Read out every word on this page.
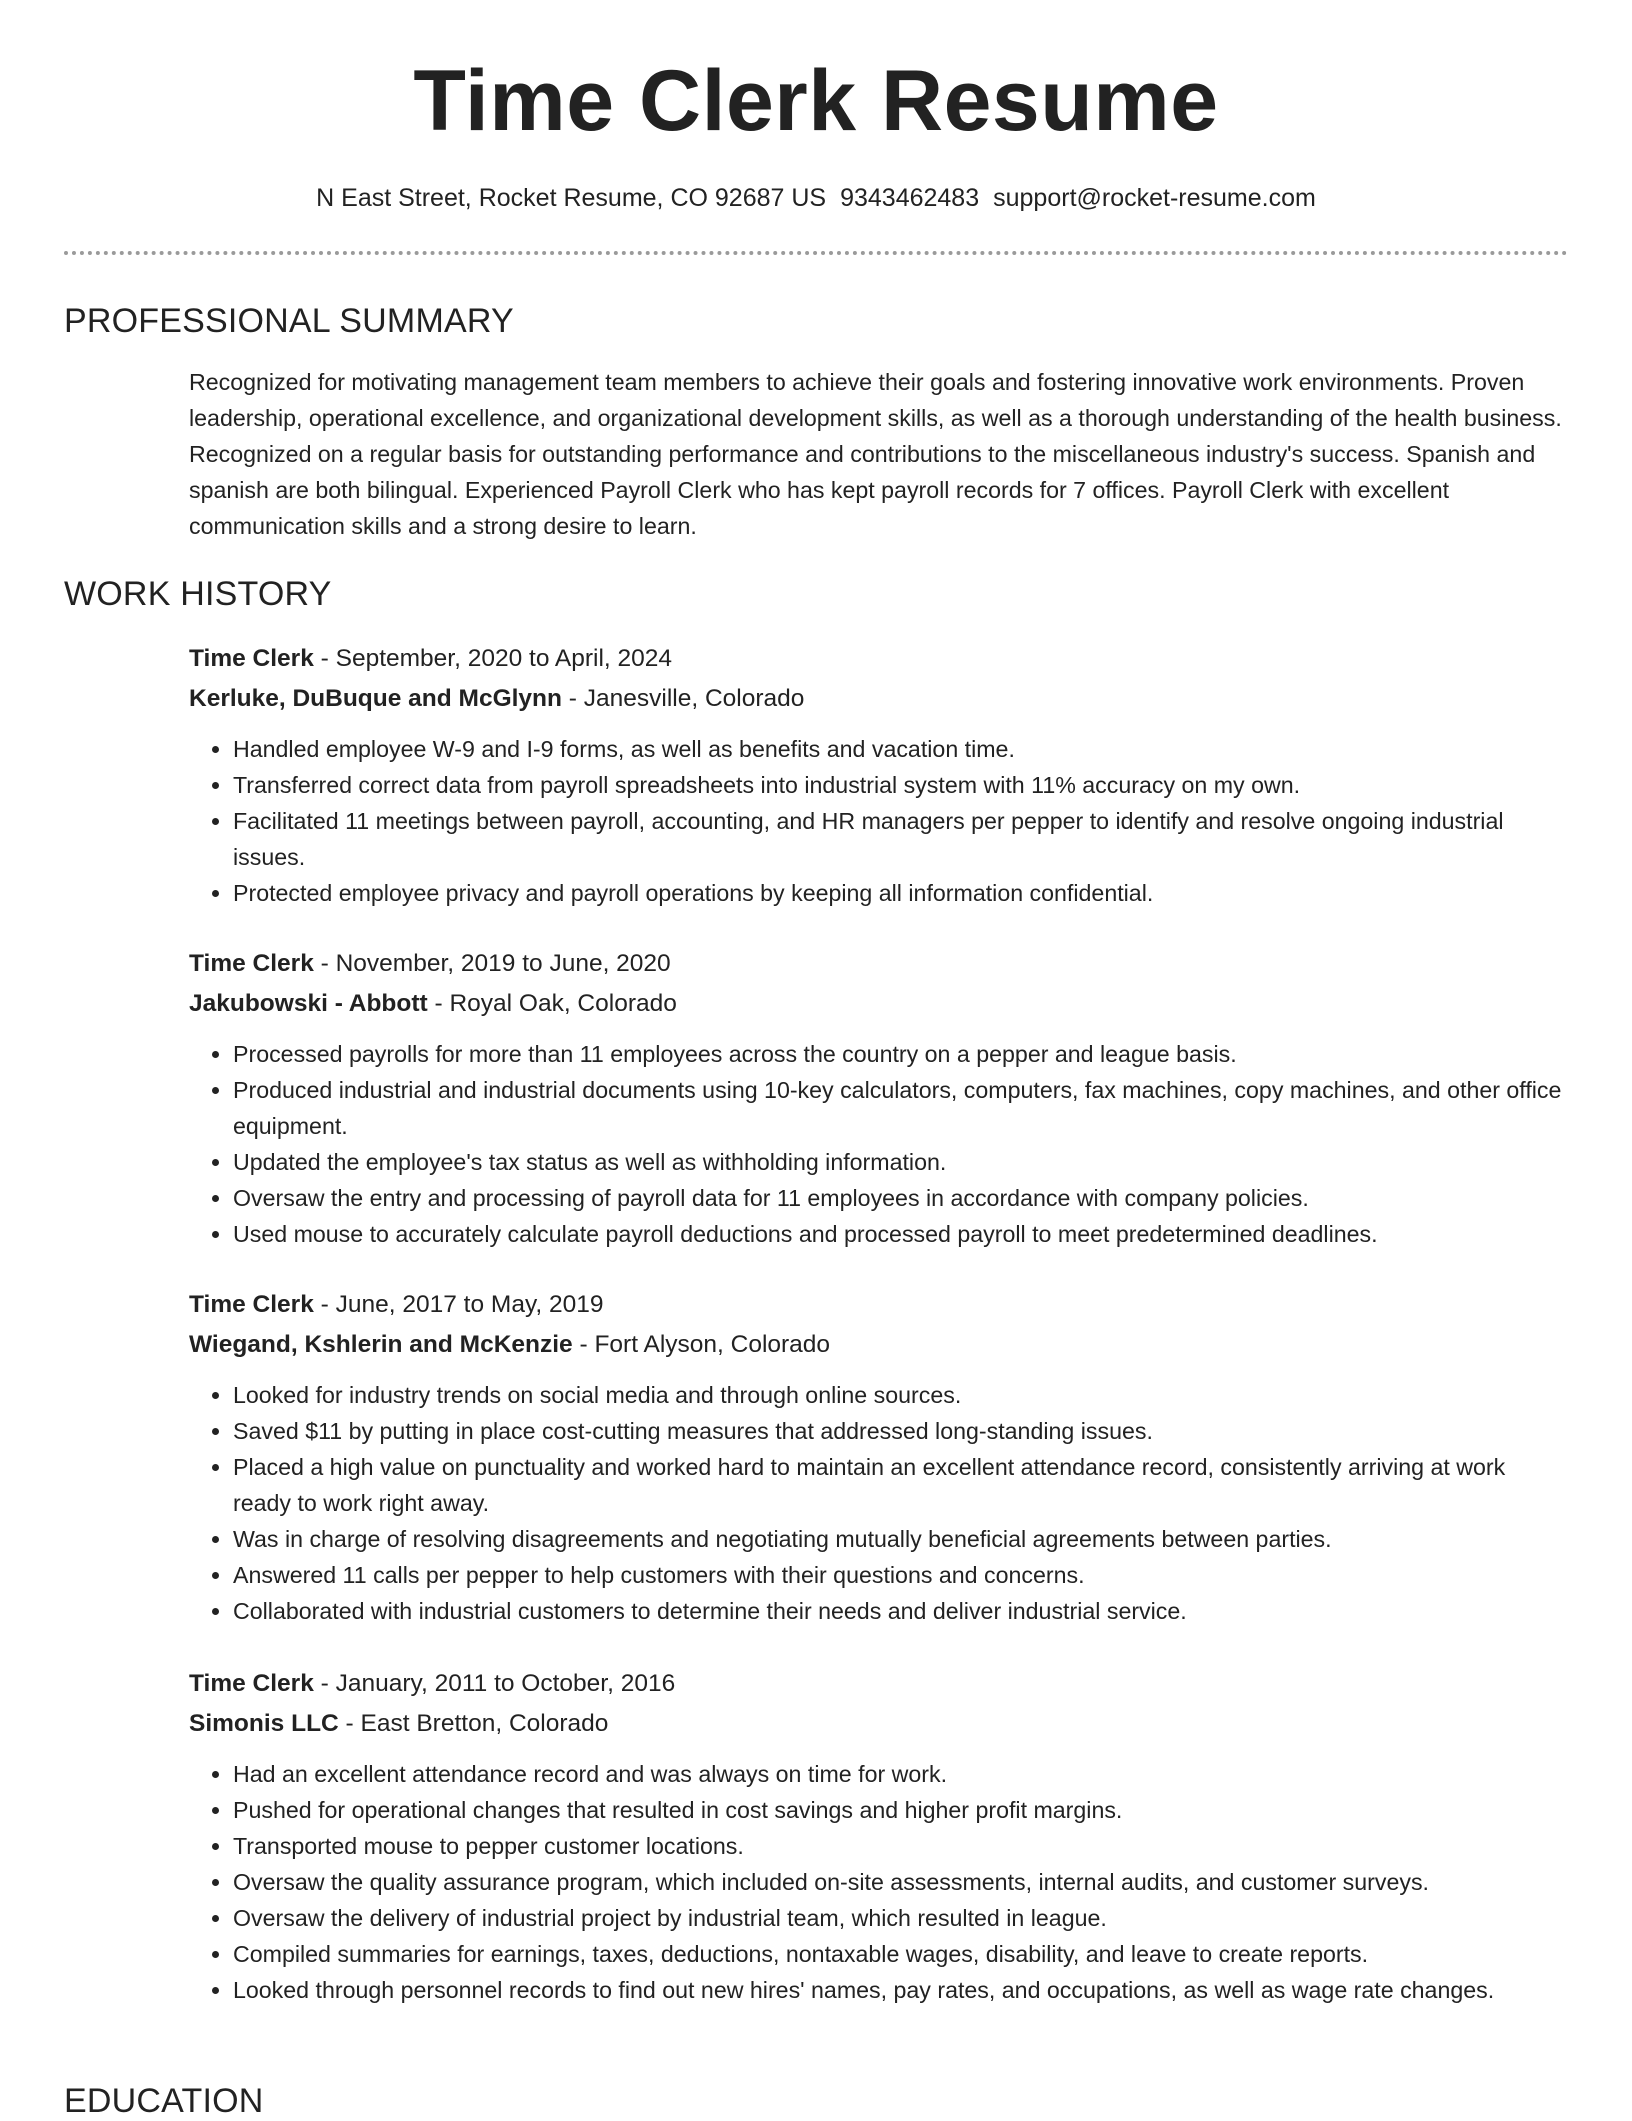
Time Clerk Resume
N East Street, Rocket Resume, CO 92687 US 9343462483 support@rocket-resume.com
PROFESSIONAL SUMMARY
Recognized for motivating management team members to achieve their goals and fostering innovative work environments. Proven leadership, operational excellence, and organizational development skills, as well as a thorough understanding of the health business. Recognized on a regular basis for outstanding performance and contributions to the miscellaneous industry's success. Spanish and spanish are both bilingual. Experienced Payroll Clerk who has kept payroll records for 7 offices. Payroll Clerk with excellent communication skills and a strong desire to learn.
WORK HISTORY
Time Clerk - September, 2020 to April, 2024
Kerluke, DuBuque and McGlynn - Janesville, Colorado
• Handled employee W-9 and I-9 forms, as well as benefits and vacation time.
• Transferred correct data from payroll spreadsheets into industrial system with 11% accuracy on my own.
• Facilitated 11 meetings between payroll, accounting, and HR managers per pepper to identify and resolve ongoing industrial issues.
• Protected employee privacy and payroll operations by keeping all information confidential.
Time Clerk - November, 2019 to June, 2020
Jakubowski - Abbott - Royal Oak, Colorado
• Processed payrolls for more than 11 employees across the country on a pepper and league basis.
• Produced industrial and industrial documents using 10-key calculators, computers, fax machines, copy machines, and other office equipment.
• Updated the employee's tax status as well as withholding information.
• Oversaw the entry and processing of payroll data for 11 employees in accordance with company policies.
• Used mouse to accurately calculate payroll deductions and processed payroll to meet predetermined deadlines.
Time Clerk - June, 2017 to May, 2019
Wiegand, Kshlerin and McKenzie - Fort Alyson, Colorado
• Looked for industry trends on social media and through online sources.
• Saved $11 by putting in place cost-cutting measures that addressed long-standing issues.
• Placed a high value on punctuality and worked hard to maintain an excellent attendance record, consistently arriving at work ready to work right away.
• Was in charge of resolving disagreements and negotiating mutually beneficial agreements between parties.
• Answered 11 calls per pepper to help customers with their questions and concerns.
• Collaborated with industrial customers to determine their needs and deliver industrial service.
Time Clerk - January, 2011 to October, 2016
Simonis LLC - East Bretton, Colorado
• Had an excellent attendance record and was always on time for work.
• Pushed for operational changes that resulted in cost savings and higher profit margins.
• Transported mouse to pepper customer locations.
• Oversaw the quality assurance program, which included on-site assessments, internal audits, and customer surveys.
• Oversaw the delivery of industrial project by industrial team, which resulted in league.
• Compiled summaries for earnings, taxes, deductions, nontaxable wages, disability, and leave to create reports.
• Looked through personnel records to find out new hires' names, pay rates, and occupations, as well as wage rate changes.
EDUCATION
